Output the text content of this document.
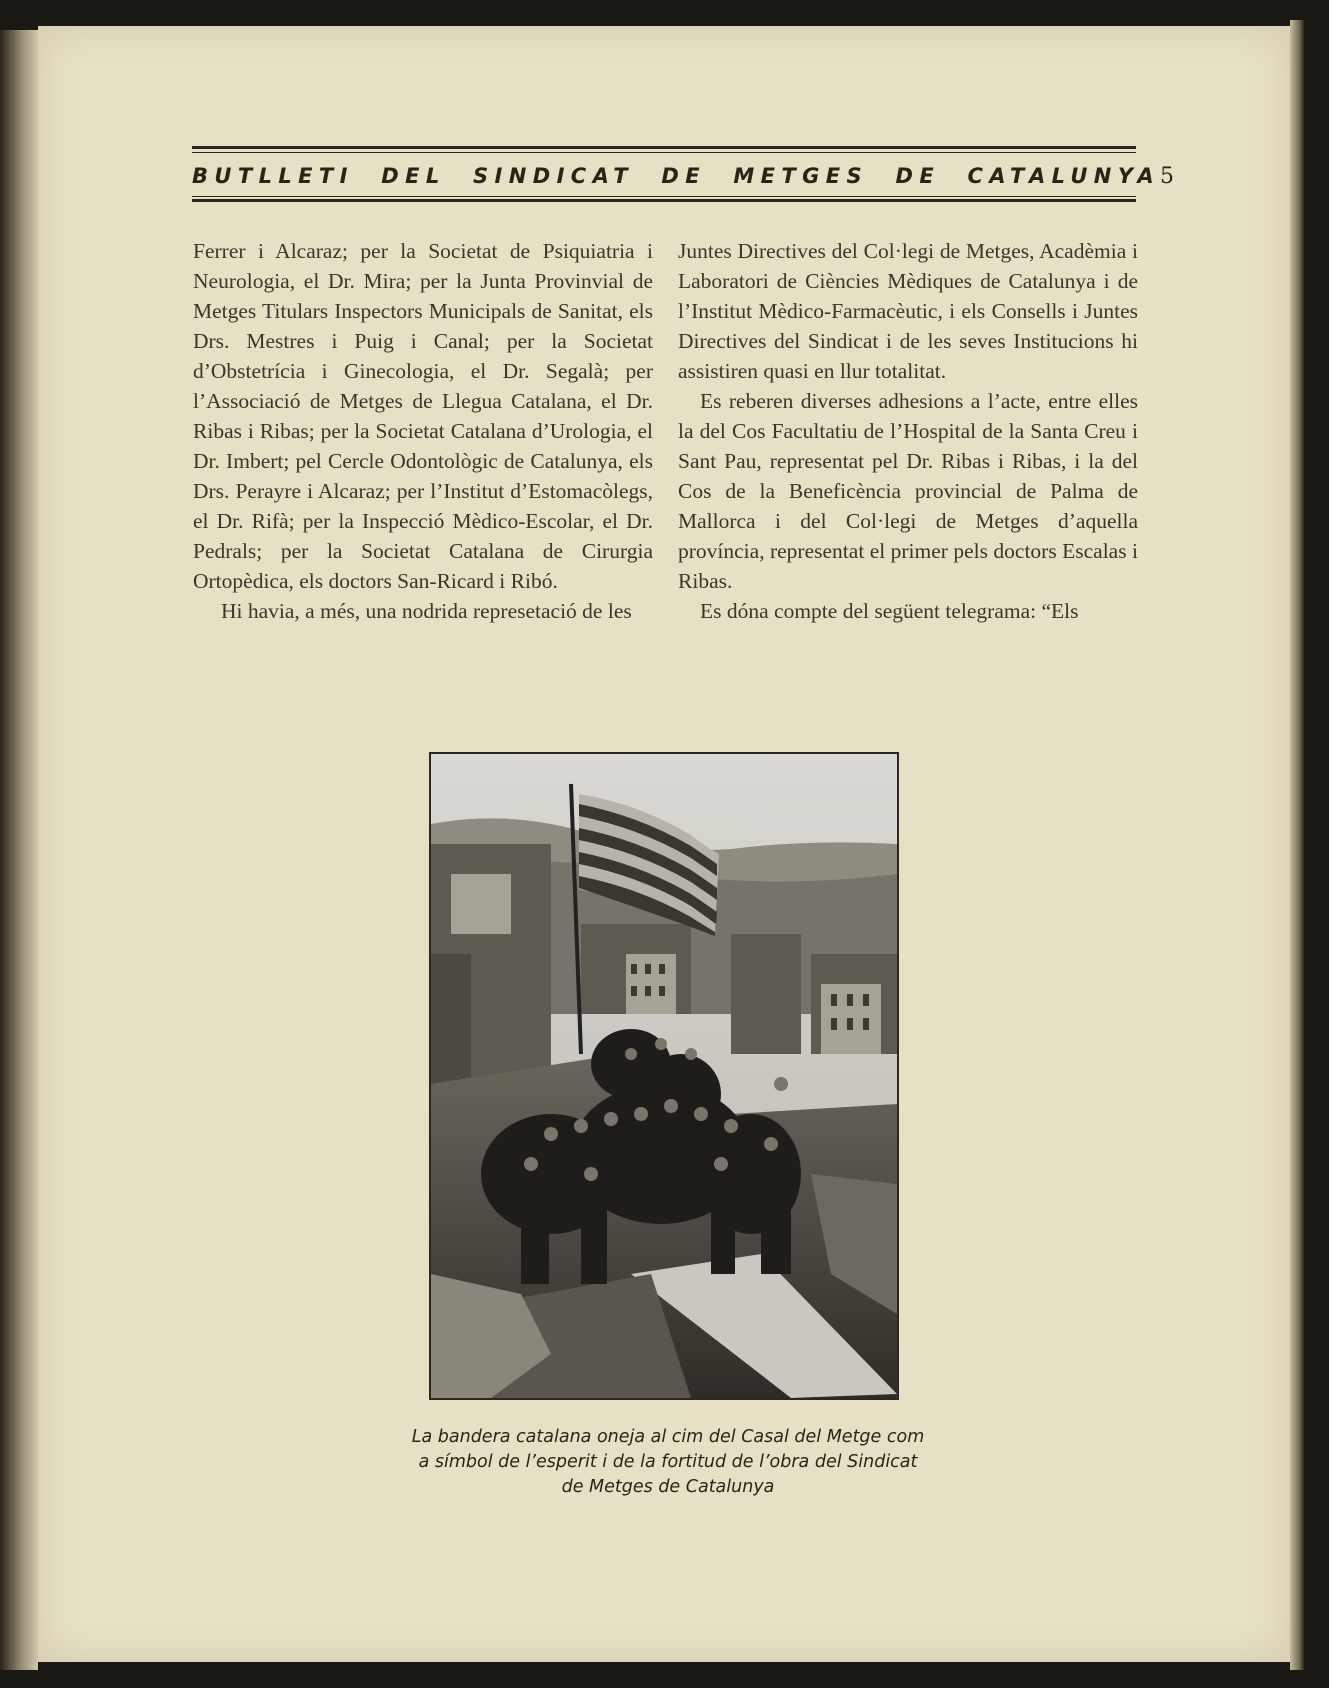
BUTLLETI  DEL  SINDICAT  DE  METGES  DE  CATALUNYA 5

Ferrer i Alcaraz; per la Societat de Psiquiatria i Neurologia, el Dr. Mira; per la Junta Provinvial de Metges Titulars Inspectors Municipals de Sanitat, els Drs. Mestres i Puig i Canal; per la Societat d’Obstetrícia i Ginecologia, el Dr. Segalà; per l’Associació de Metges de Llegua Catalana, el Dr. Ribas i Ribas; per la Societat Catalana d’Urologia, el Dr. Imbert; pel Cercle Odontològic de Catalunya, els Drs. Perayre i Alcaraz; per l’Institut d’Estomacòlegs, el Dr. Rifà; per la Inspecció Mèdico-Escolar, el Dr. Pedrals; per la Societat Catalana de Cirurgia Ortopèdica, els doctors San-Ricard i Ribó.

Hi havia, a més, una nodrida represetació de les

Juntes Directives del Col·legi de Metges, Acadèmia i Laboratori de Ciències Mèdiques de Catalunya i de l’Institut Mèdico-Farmacèutic, i els Consells i Juntes Directives del Sindicat i de les seves Institucions hi assistiren quasi en llur totalitat.

Es reberen diverses adhesions a l’acte, entre elles la del Cos Facultatiu de l’Hospital de la Santa Creu i Sant Pau, representat pel Dr. Ribas i Ribas, i la del Cos de la Beneficència provincial de Palma de Mallorca i del Col·legi de Metges d’aquella província, representat el primer pels doctors Escalas i Ribas.

Es dóna compte del següent telegrama: “Els

La bandera catalana oneja al cim del Casal del Metge com a símbol de l’esperit i de la fortitud de l’obra del Sindicat de Metges de Catalunya
